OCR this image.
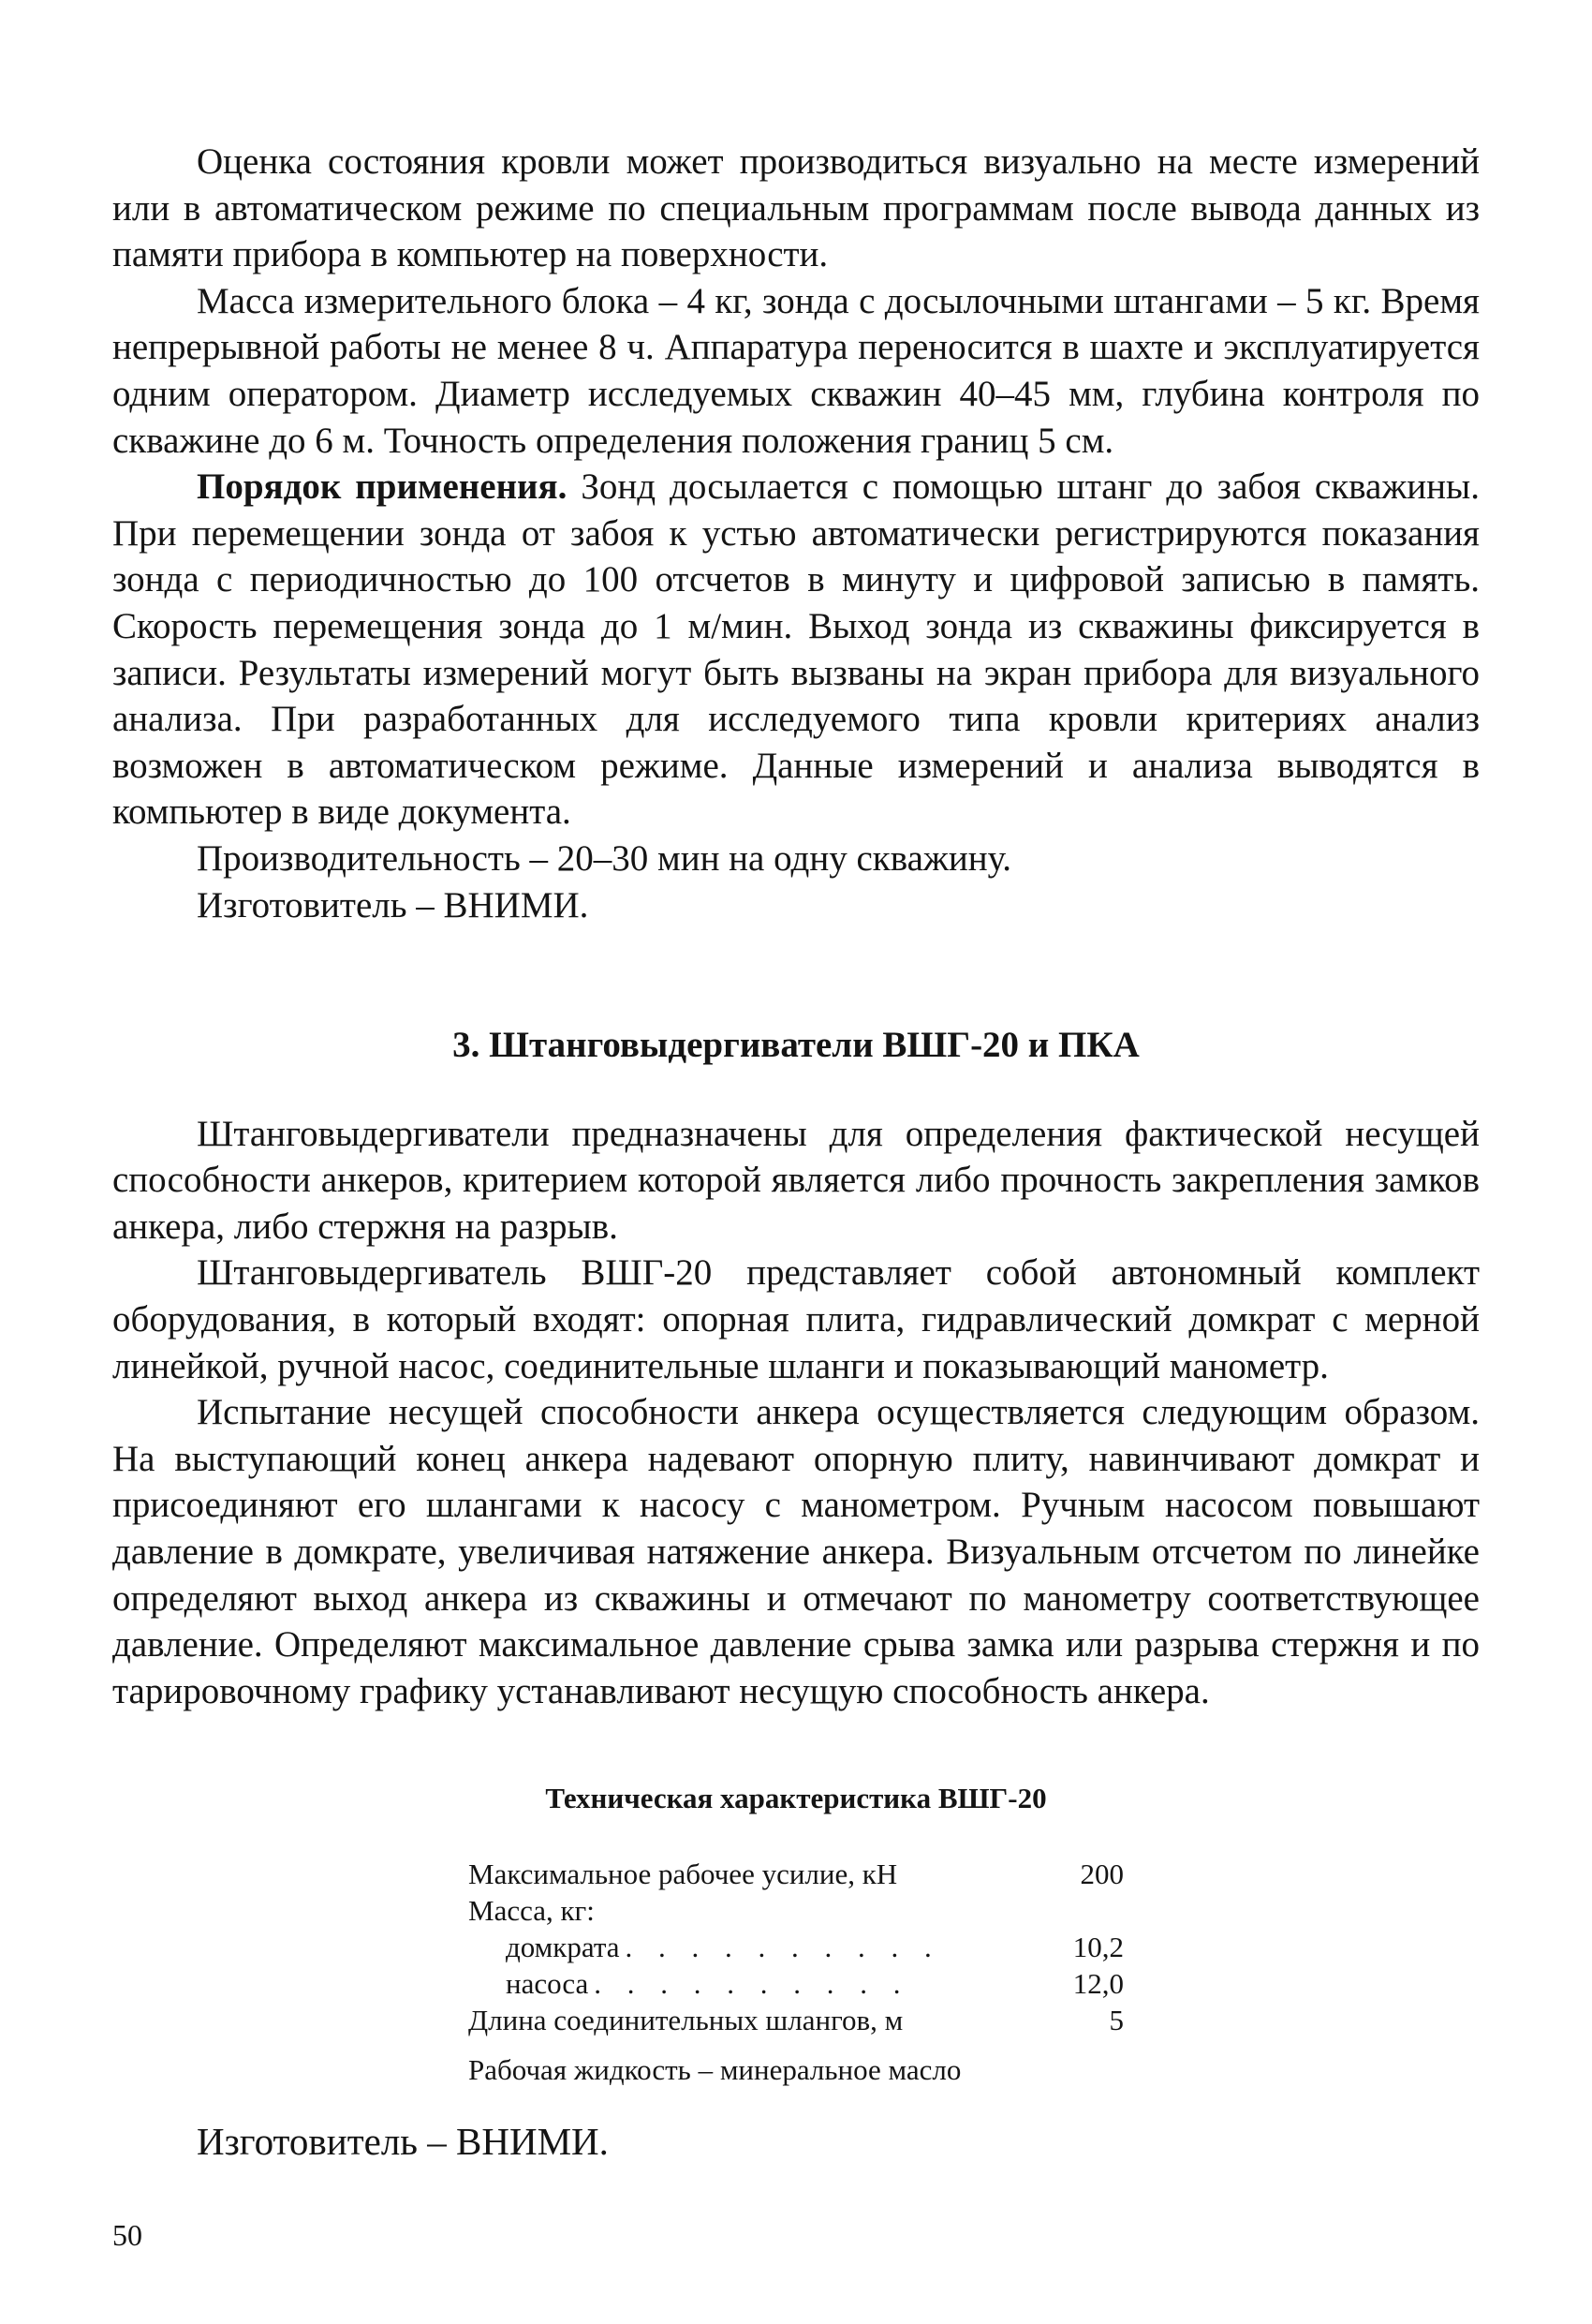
Оценка состояния кровли может производиться визуально на месте измерений или в автоматическом режиме по специальным программам после вывода данных из памяти прибора в компьютер на поверхности.

Масса измерительного блока – 4 кг, зонда с досылочными штангами – 5 кг. Время непрерывной работы не менее 8 ч. Аппаратура переносится в шахте и эксплуатируется одним оператором. Диаметр исследуемых скважин 40–45 мм, глубина контроля по скважине до 6 м. Точность определения положения границ 5 см.

Порядок применения. Зонд досылается с помощью штанг до забоя скважины. При перемещении зонда от забоя к устью автоматически регистрируются показания зонда с периодичностью до 100 отсчетов в минуту и цифровой записью в память. Скорость перемещения зонда до 1 м/мин. Выход зонда из скважины фиксируется в записи. Результаты измерений могут быть вызваны на экран прибора для визуального анализа. При разработанных для исследуемого типа кровли критериях анализ возможен в автоматическом режиме. Данные измерений и анализа выводятся в компьютер в виде документа.

Производительность – 20–30 мин на одну скважину.

Изготовитель – ВНИМИ.

3. Штанговыдергиватели ВШГ-20 и ПКА

Штанговыдергиватели предназначены для определения фактической несущей способности анкеров, критерием которой является либо прочность закрепления замков анкера, либо стержня на разрыв.

Штанговыдергиватель ВШГ-20 представляет собой автономный комплект оборудования, в который входят: опорная плита, гидравлический домкрат с мерной линейкой, ручной насос, соединительные шланги и показывающий манометр.

Испытание несущей способности анкера осуществляется следующим образом. На выступающий конец анкера надевают опорную плиту, навинчивают домкрат и присоединяют его шлангами к насосу с манометром. Ручным насосом повышают давление в домкрате, увеличивая натяжение анкера. Визуальным отсчетом по линейке определяют выход анкера из скважины и отмечают по манометру соответствующее давление. Определяют максимальное давление срыва замка или разрыва стержня и по тарировочному графику устанавливают несущую способность анкера.

Техническая характеристика ВШГ-20
Максимальное рабочее усилие, кН	200
Масса, кг:
домкрата . . . . . . . . . .	10,2
насоса . . . . . . . . . .	12,0
Длина соединительных шлангов, м	5
Рабочая жидкость – минеральное масло
Изготовитель – ВНИМИ.
50
